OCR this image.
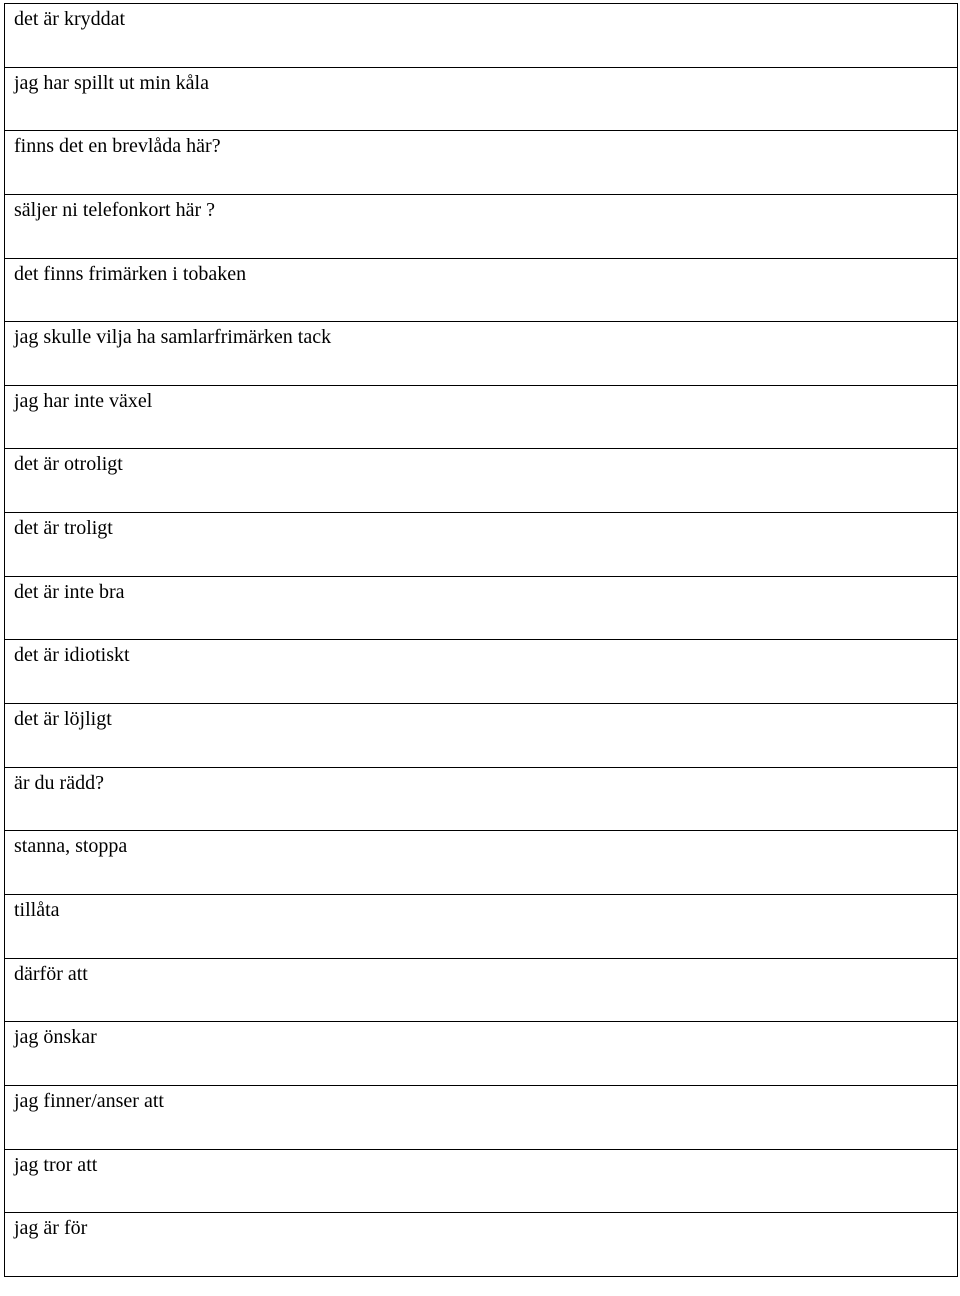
det är kryddat

jag har spillt ut min kåla

finns det en brevlåda här?

säljer ni telefonkort här ?

det finns frimärken i tobaken

jag skulle vilja ha samlarfrimärken tack

jag har inte växel

det är otroligt

det är troligt

det är inte bra

det är idiotiskt

det är löjligt

är du rädd?

stanna, stoppa

tillåta

därför att

jag önskar

jag finner/anser att

jag tror att

jag är för
